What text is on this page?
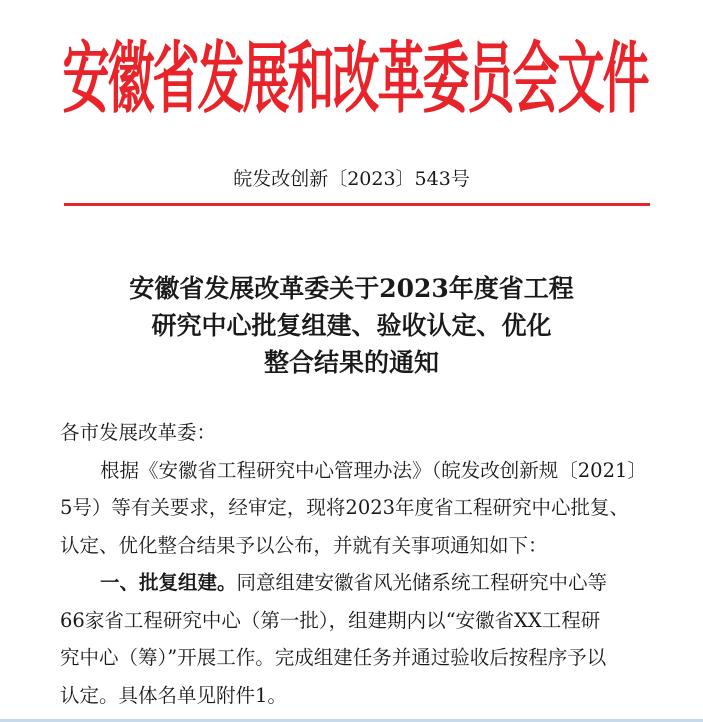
安徽省发展和改革委员会文件
皖发改创新〔2023〕543号
安徽省发展改革委关于2023年度省工程
研究中心批复组建、验收认定、优化
整合结果的通知
各市发展改革委：
根据《安徽省工程研究中心管理办法》（皖发改创新规〔2021〕
5号）等有关要求，经审定，现将2023年度省工程研究中心批复、
认定、优化整合结果予以公布，并就有关事项通知如下：
一、批复组建。同意组建安徽省风光储系统工程研究中心等
66家省工程研究中心（第一批），组建期内以“安徽省XX工程研
究中心（筹）”开展工作。完成组建任务并通过验收后按程序予以
认定。具体名单见附件1。
